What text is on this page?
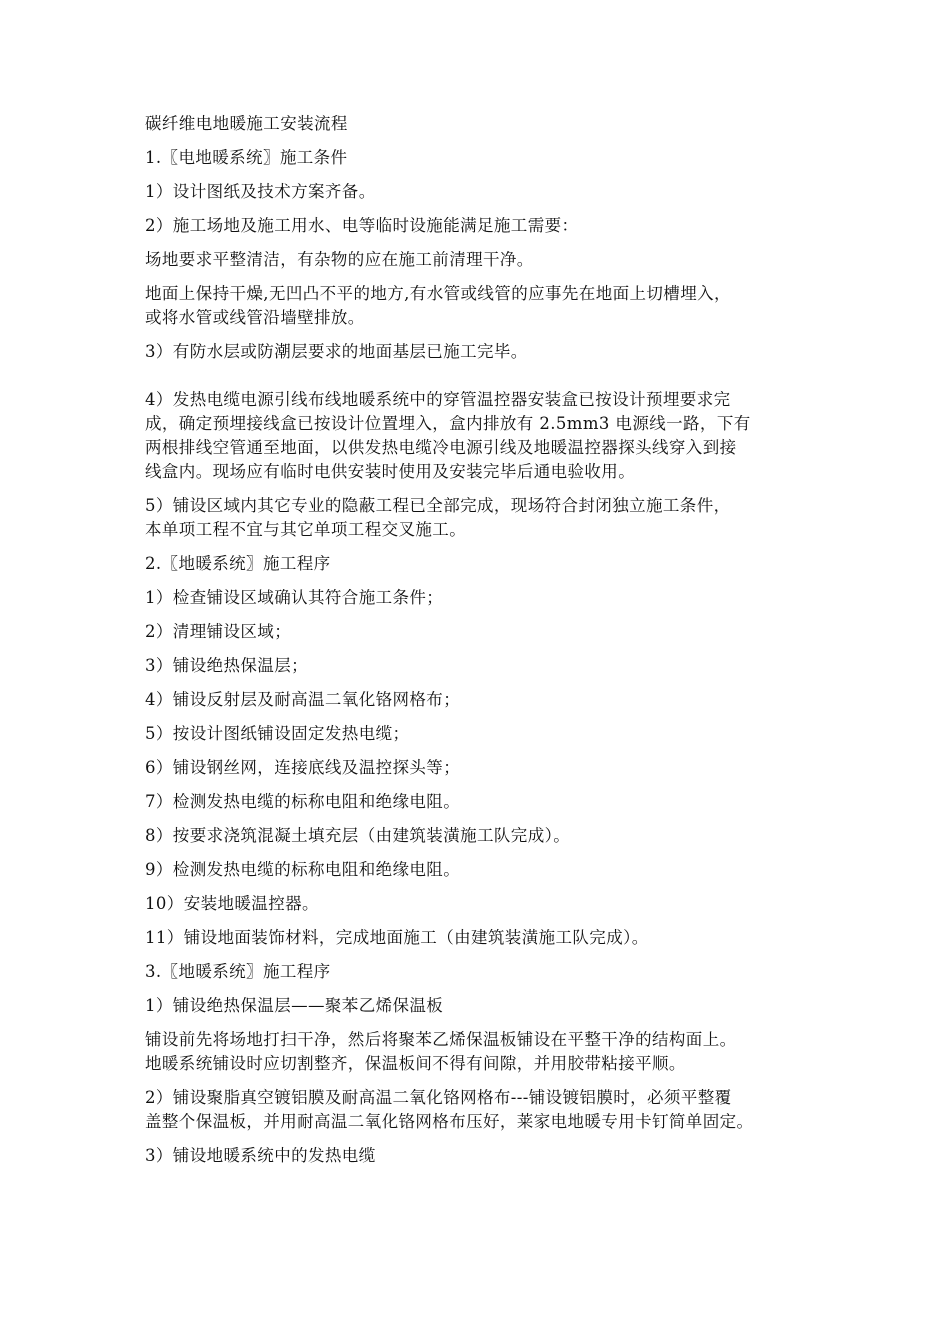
碳纤维电地暖施工安装流程

1.〖电地暖系统〗施工条件

1）设计图纸及技术方案齐备。

2）施工场地及施工用水、电等临时设施能满足施工需要：

场地要求平整清洁，有杂物的应在施工前清理干净。

地面上保持干燥,无凹凸不平的地方,有水管或线管的应事先在地面上切槽埋入，
或将水管或线管沿墙壁排放。

3）有防水层或防潮层要求的地面基层已施工完毕。

4）发热电缆电源引线布线地暖系统中的穿管温控器安装盒已按设计预埋要求完
成，确定预埋接线盒已按设计位置埋入，盒内排放有 2.5mm3 电源线一路，下有
两根排线空管通至地面，以供发热电缆冷电源引线及地暖温控器探头线穿入到接
线盒内。现场应有临时电供安装时使用及安装完毕后通电验收用。

5）铺设区域内其它专业的隐蔽工程已全部完成，现场符合封闭独立施工条件，
本单项工程不宜与其它单项工程交叉施工。

2.〖地暖系统〗施工程序

1）检查铺设区域确认其符合施工条件；

2）清理铺设区域；

3）铺设绝热保温层；

4）铺设反射层及耐高温二氧化铬网格布；

5）按设计图纸铺设固定发热电缆；

6）铺设钢丝网，连接底线及温控探头等；

7）检测发热电缆的标称电阻和绝缘电阻。

8）按要求浇筑混凝土填充层（由建筑装潢施工队完成）。

9）检测发热电缆的标称电阻和绝缘电阻。

10）安装地暖温控器。

11）铺设地面装饰材料，完成地面施工（由建筑装潢施工队完成）。

3.〖地暖系统〗施工程序

1）铺设绝热保温层——聚苯乙烯保温板

铺设前先将场地打扫干净，然后将聚苯乙烯保温板铺设在平整干净的结构面上。
地暖系统铺设时应切割整齐，保温板间不得有间隙，并用胶带粘接平顺。

2）铺设聚脂真空镀铝膜及耐高温二氧化铬网格布---铺设镀铝膜时，必须平整覆
盖整个保温板，并用耐高温二氧化铬网格布压好，莱家电地暖专用卡钉简单固定。

3）铺设地暖系统中的发热电缆
